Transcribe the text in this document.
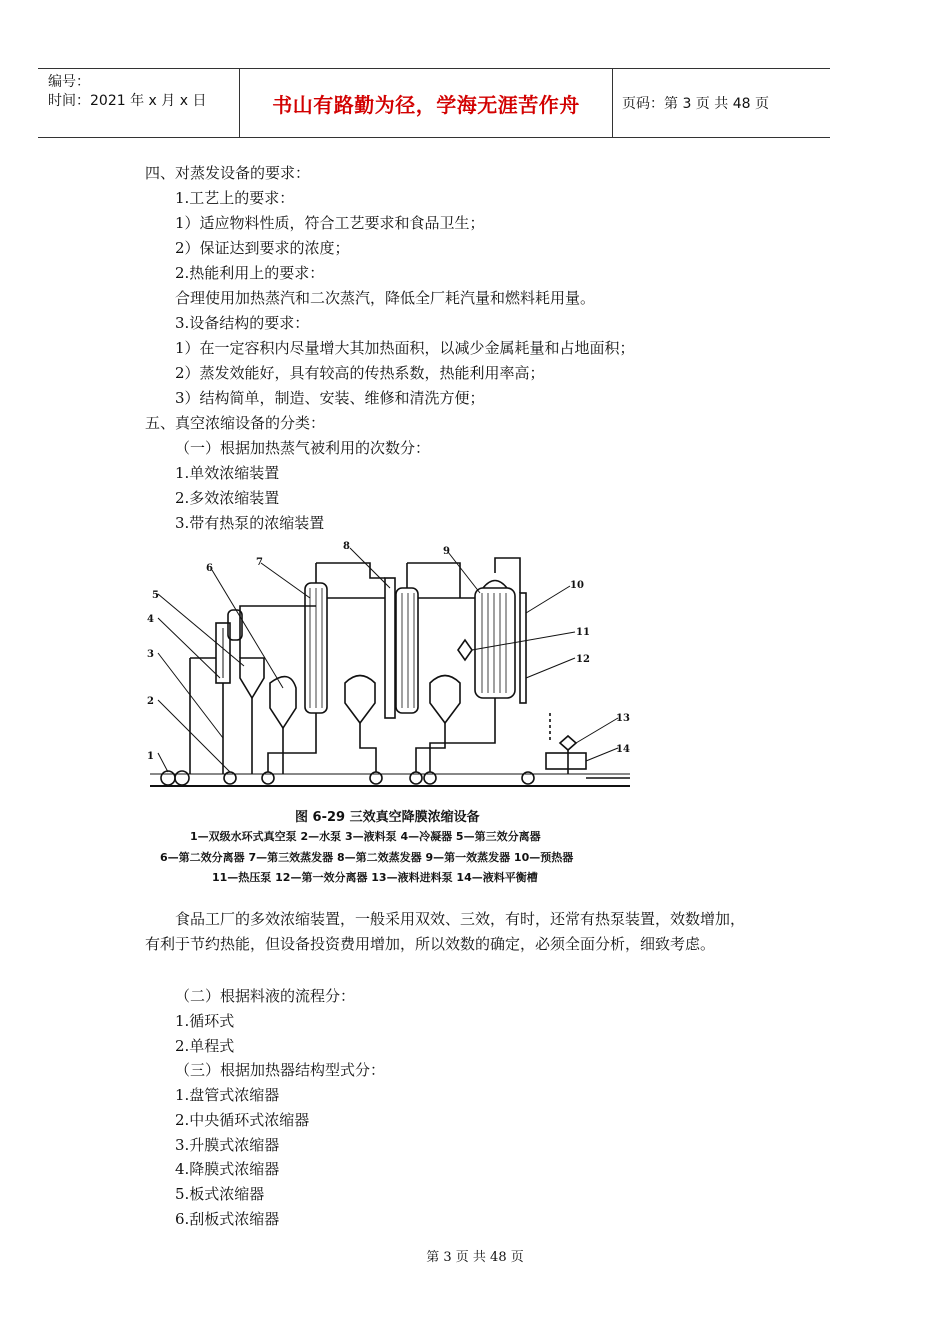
编号：
时间：2021 年 x 月 x 日	书山有路勤为径，学海无涯苦作舟	页码：第 3 页 共 48 页
四、对蒸发设备的要求：
1.工艺上的要求：
1）适应物料性质，符合工艺要求和食品卫生；
2）保证达到要求的浓度；
2.热能利用上的要求：
合理使用加热蒸汽和二次蒸汽，降低全厂耗汽量和燃料耗用量。
3.设备结构的要求：
1）在一定容积内尽量增大其加热面积，以减少金属耗量和占地面积；
2）蒸发效能好，具有较高的传热系数，热能利用率高；
3）结构简单，制造、安装、维修和清洗方便；
五、真空浓缩设备的分类：
（一）根据加热蒸气被利用的次数分：
1.单效浓缩装置
2.多效浓缩装置
3.带有热泵的浓缩装置
1
2
3
4
5
6
7
8	9
10
11
12
13
14
图 6-29 三效真空降膜浓缩设备
1—双级水环式真空泵 2—水泵 3—液料泵 4—冷凝器 5—第三效分离器
6—第二效分离器 7—第三效蒸发器 8—第二效蒸发器 9—第一效蒸发器 10—预热器
11—热压泵 12—第一效分离器 13—液料进料泵 14—液料平衡槽
食品工厂的多效浓缩装置，一般采用双效、三效，有时，还常有热泵装置，效数增加，有利于节约热能，但设备投资费用增加，所以效数的确定，必须全面分析，细致考虑。
（二）根据料液的流程分：
1.循环式
2.单程式
（三）根据加热器结构型式分：
1.盘管式浓缩器
2.中央循环式浓缩器
3.升膜式浓缩器
4.降膜式浓缩器
5.板式浓缩器
6.刮板式浓缩器
第 3 页 共 48 页
